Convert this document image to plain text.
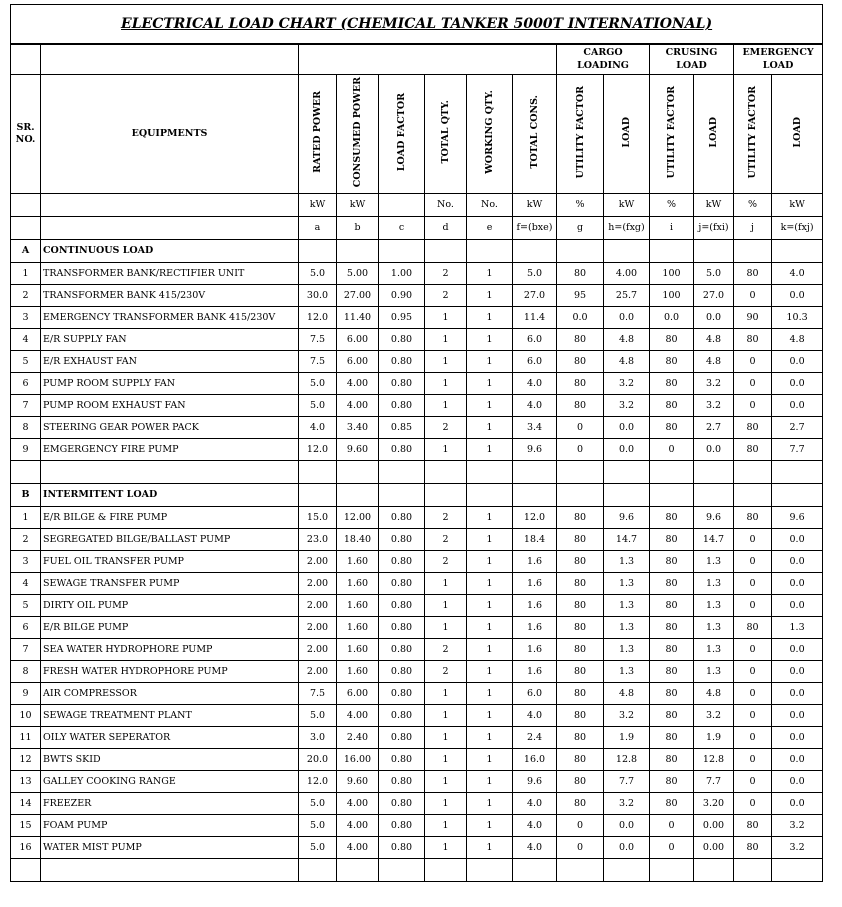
ELECTRICAL LOAD CHART (CHEMICAL TANKER 5000T INTERNATIONAL)													
								CARGO LOADING		CRUSING LOAD		EMERGENCY LOAD	
SR. NO.	EQUIPMENTS	RATED POWER	CONSUMED POWER	LOAD FACTOR	TOTAL QTY.	WORKING QTY.	TOTAL CONS.	UTILITY FACTOR	LOAD	UTILITY FACTOR	LOAD	UTILITY FACTOR	LOAD
		kW	kW		No.	No.	kW	%	kW	%	kW	%	kW
		a	b	c	d	e	f=(bxe)	g	h=(fxg)	i	j=(fxi)	j	k=(fxj)
A	CONTINUOUS LOAD												
1	TRANSFORMER BANK/RECTIFIER UNIT	5.0	5.00	1.00	2	1	5.0	80	4.00	100	5.0	80	4.0
2	TRANSFORMER BANK 415/230V	30.0	27.00	0.90	2	1	27.0	95	25.7	100	27.0	0	0.0
3	EMERGENCY TRANSFORMER BANK 415/230V	12.0	11.40	0.95	1	1	11.4	0.0	0.0	0.0	0.0	90	10.3
4	E/R SUPPLY FAN	7.5	6.00	0.80	1	1	6.0	80	4.8	80	4.8	80	4.8
5	E/R EXHAUST FAN	7.5	6.00	0.80	1	1	6.0	80	4.8	80	4.8	0	0.0
6	PUMP ROOM SUPPLY FAN	5.0	4.00	0.80	1	1	4.0	80	3.2	80	3.2	0	0.0
7	PUMP ROOM EXHAUST FAN	5.0	4.00	0.80	1	1	4.0	80	3.2	80	3.2	0	0.0
8	STEERING GEAR POWER PACK	4.0	3.40	0.85	2	1	3.4	0	0.0	80	2.7	80	2.7
9	EMGERGENCY FIRE PUMP	12.0	9.60	0.80	1	1	9.6	0	0.0	0	0.0	80	7.7

B	INTERMITENT LOAD												
1	E/R BILGE & FIRE PUMP	15.0	12.00	0.80	2	1	12.0	80	9.6	80	9.6	80	9.6
2	SEGREGATED BILGE/BALLAST PUMP	23.0	18.40	0.80	2	1	18.4	80	14.7	80	14.7	0	0.0
3	FUEL OIL TRANSFER PUMP	2.00	1.60	0.80	2	1	1.6	80	1.3	80	1.3	0	0.0
4	SEWAGE TRANSFER PUMP	2.00	1.60	0.80	1	1	1.6	80	1.3	80	1.3	0	0.0
5	DIRTY OIL PUMP	2.00	1.60	0.80	1	1	1.6	80	1.3	80	1.3	0	0.0
6	E/R BILGE PUMP	2.00	1.60	0.80	1	1	1.6	80	1.3	80	1.3	80	1.3
7	SEA WATER HYDROPHORE PUMP	2.00	1.60	0.80	2	1	1.6	80	1.3	80	1.3	0	0.0
8	FRESH WATER HYDROPHORE PUMP	2.00	1.60	0.80	2	1	1.6	80	1.3	80	1.3	0	0.0
9	AIR COMPRESSOR	7.5	6.00	0.80	1	1	6.0	80	4.8	80	4.8	0	0.0
10	SEWAGE TREATMENT PLANT	5.0	4.00	0.80	1	1	4.0	80	3.2	80	3.2	0	0.0
11	OILY WATER SEPERATOR	3.0	2.40	0.80	1	1	2.4	80	1.9	80	1.9	0	0.0
12	BWTS SKID	20.0	16.00	0.80	1	1	16.0	80	12.8	80	12.8	0	0.0
13	GALLEY COOKING RANGE	12.0	9.60	0.80	1	1	9.6	80	7.7	80	7.7	0	0.0
14	FREEZER	5.0	4.00	0.80	1	1	4.0	80	3.2	80	3.20	0	0.0
15	FOAM PUMP	5.0	4.00	0.80	1	1	4.0	0	0.0	0	0.00	80	3.2
16	WATER MIST PUMP	5.0	4.00	0.80	1	1	4.0	0	0.0	0	0.00	80	3.2
